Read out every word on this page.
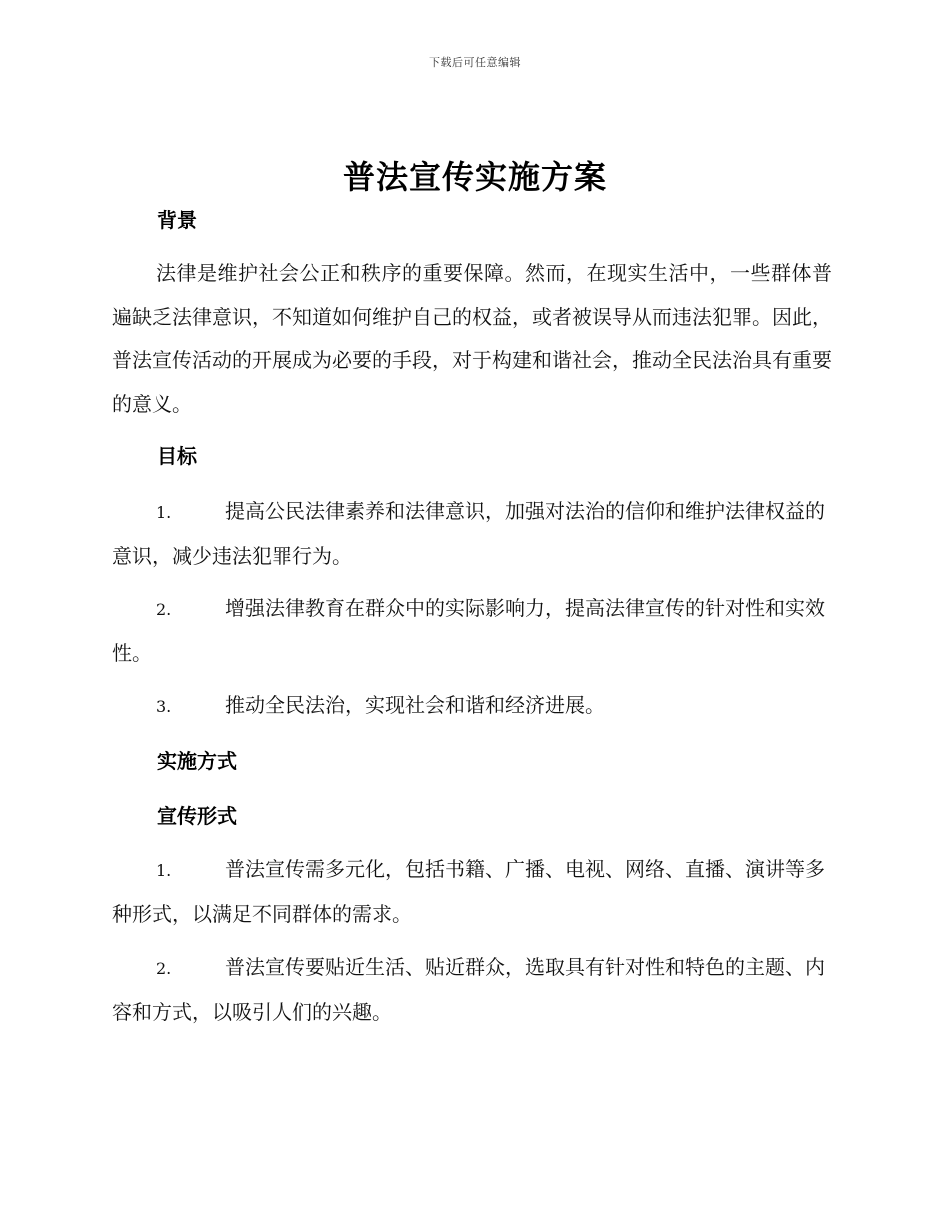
下载后可任意编辑
普法宣传实施方案
背景
法律是维护社会公正和秩序的重要保障。然而，在现实生活中，一些群体普遍缺乏法律意识，不知道如何维护自己的权益，或者被误导从而违法犯罪。因此，普法宣传活动的开展成为必要的手段，对于构建和谐社会，推动全民法治具有重要的意义。
目标
1.	提高公民法律素养和法律意识，加强对法治的信仰和维护法律权益的意识，减少违法犯罪行为。
2.	增强法律教育在群众中的实际影响力，提高法律宣传的针对性和实效性。
3.	推动全民法治，实现社会和谐和经济进展。
实施方式
宣传形式
1.	普法宣传需多元化，包括书籍、广播、电视、网络、直播、演讲等多种形式，以满足不同群体的需求。
2.	普法宣传要贴近生活、贴近群众，选取具有针对性和特色的主题、内容和方式，以吸引人们的兴趣。
